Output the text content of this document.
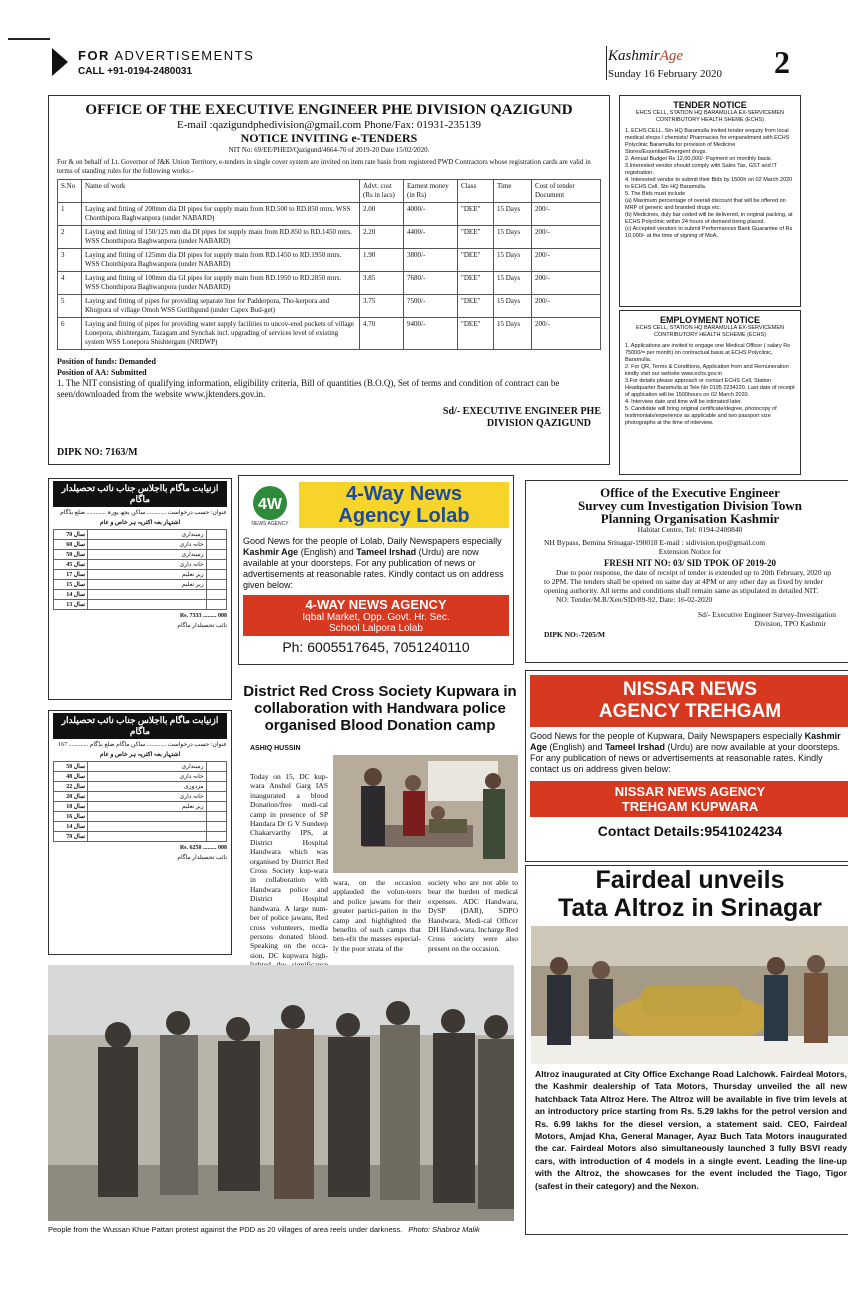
FOR ADVERTISEMENTS
CALL +91-0194-2480031
KashmirAge
Sunday 16 February 2020 2
OFFICE OF THE EXECUTIVE ENGINEER PHE DIVISION QAZIGUND
E-mail :qazigundphedivision@gmail.com Phone/Fax: 01931-235139
NOTICE INVITING e-TENDERS
NIT No: 69/EE/PHED/Qazigund/4664-76 of 2019-20 Date 15/02/2020.
For & on behalf of Lt. Governor of J&K Union Territory, e-tenders in single cover system are invited on item rate basis from registered PWD Contractors whose registration cards are valid in terms of standing rules for the following works:-
S.No	Name of work	Advt. cost (Rs in lacs)	Earnest money (in Rs)	Class	Time	Cost of tender Document
1	Laying and fitting of 200mm dia DI pipes for supply main from RD.500 to RD.850 mtrs. WSS Chonthipora Baghwanpora (under NABARD)	2.00	4000/-	"DEE"	15 Days	200/-
2	Laying and fitting of 150/125 mm dia DI pipes for supply main from RD.850 to RD.1450 mtrs. WSS Chonthipora Baghwanpora (under NABARD)	2.20	4400/-	"DEE"	15 Days	200/-
3	Laying and fitting of 125mm dia DI pipes for supply main from RD.1450 to RD.1950 mtrs. WSS Chonthipora Baghwanpora (under NABARD)	1.90	3800/-	"DEE"	15 Days	200/-
4	Laying and fitting of 100mm dia GI pipes for supply main from RD.1950 to RD.2850 mtrs. WSS Chonthipora Baghwanpora (under NABARD)	3.85	7680/-	"DEE"	15 Days	200/-
5	Laying and fitting of pipes for providing separate line for Padderpora, Tho-kerpora and Khujpora of village Omoh WSS Gutlibgund (under Capex Bud-get)	3.75	7500/-	"DEE"	15 Days	200/-
6	Laying and fitting of pipes for providing water supply facilities to uncov-ered pockets of village Lonepora, shishtergam, Tazagam and Synchak incl. upgrading of services level of existing system WSS Lonepora Shishtergam (NRDWP)	4.70	9400/-	"DEE"	15 Days	200/-
Position of funds: Demanded
Position of AA: Submitted
1. The NIT consisting of qualifying information, eligibility criteria, Bill of quantities (B.O.Q), Set of terms and condition of contract can be seen/downloaded from the website www.jktenders.gov.in.
Sd/- EXECUTIVE ENGINEER PHE
DIVISION QAZIGUND
DIPK NO: 7163/M
TENDER NOTICE
EHCS CELL, STATION HQ BARAMULLA EX-SERVICEMEN CONTRIBUTORY HEALTH SHEME (ECHS)
1. ECHS CELL, Stn HQ Baramulla invited tender enquiry from local medical shops / chemists/ Pharmacies for empanelment with ECHS Polyclinic Baramulla for provision of Medicine Stores/Essential/Emergent drugs.
2. Annual Budget Rs 12,00,000/- Payment on monthly basis.
3.Interested vendor should comply with Sales Tax, GST and IT registration.
4. Interested vendor to submit their Bids by 1500h on 02 March 2020 to ECHS Cell, Stn HQ Baramulla.
5. The Bids must include
(a) Maximum percentage of overall discount that will be offered on MRP of generic and branded drugs etc.
(b) Medicines, duly bar coded will be delivered, in original packing, at ECHS Polyclinic within 24 hours of demand being placed.
(c) Accepted vendors to submit Performances Bank Guarantee of Rs 10,000/- at the time of signing of MoA.
EMPLOYMENT NOTICE
ECHS CELL, STATION HQ BARAMULLA EX-SERVICEMEN CONTRIBUTORY HEALTH SCHEME (ECHS)
1. Applications are invited to engage one Medical Officer ( salary Rs 75000/= per month) on contractual basis at ECHS Polyclinic, Baramulla.
2. For QR, Terms & Conditions, Application from and Remuneration kindly visit our website www.echs.gov.in
3.For details please approach or contact ECHS Cell, Station Headquarter Baramulla at Tele No 0195 2234220. Last date of receipt of application will be 1500hours on 02 March 2020.
4. Interview date and time will be intimated later.
5. Candidate will bring original certificate/degree, photocopy of testimonials/experience as applicable and two passport size photographs at the time of interview.
ازنیابت ماگام بااجلاس جناب نائب تحصیلدار ماگام
عنوان: حسب درخواست ............. ساکن بچھ پورہ ............. ضلع بڈگام
اشتہار بعہ اکثریہ ہر خاص و عام
70 سال	زمینداری	
60 سال	خانہ داری	
50 سال	زمینداری	
45 سال	خانہ داری	
17 سال	زیر تعلیم	
15 سال	زیر تعلیم	
14 سال		
13 سال		
Rs. 7333 ......... 008
نائب تحصیلدار ماگام
ازنیابت ماگام بااجلاس جناب نائب تحصیلدار ماگام
عنوان: حسب درخواست ............. ساکن ماگام ضلع بڈگام ............. 167
اشتہار بعہ اکثریہ ہر خاص و عام
50 سال	زمینداری	
48 سال	خانہ داری	
22 سال	مزدوری	
20 سال	خانہ داری	
18 سال	زیر تعلیم	
16 سال		
14 سال		
70 سال		
Rs. 6250 ......... 008
نائب تحصیلدار ماگام
4W
NEWS AGENCY
4-Way News
Agency Lolab
Good News for the people of Lolab, Daily Newspapers especially Kashmir Age (English) and Tameel Irshad (Urdu) are now available at your doorsteps. For any publication of news or advertisements at reasonable rates. Kindly contact us on address given below:
4-WAY NEWS AGENCY
Iqbal Market, Opp. Govt. Hr. Sec.
School Lalpora Lolab
Ph: 6005517645, 7051240110
Office of the Executive Engineer
Survey cum Investigation Division Town
Planning Organisation Kashmir
Habitat Centre, Tel: 0194-2400840
NH Bypass, Bemina Srinagar-190018 E-mail : sidivision.tpo@gmail.com
Extension Notice for
FRESH NIT NO: 03/ SID TPOK OF 2019-20
Due to poor response, the date of receipt of tender is extended up to 20th February, 2020 up to 2PM. The tenders shall be opened on same day at 4PM or any other day as fixed by tender opening authority. All terms and conditions shall remain same as stipulated in detailed NIT.
NO: Tender/M.R/Xen/SID/89-92, Date: 16-02-2020
Sd/- Executive Engineer Survey-Investigation
Division, TPO Kashmir
DIPK NO:-7205/M
NISSAR NEWS
AGENCY TREHGAM
Good News for the people of Kupwara, Daily Newspapers especially Kashmir Age (English) and Tameel Irshad (Urdu) are now available at your doorsteps. For any publication of news or advertisements at reasonable rates. Kindly contact us on address given below:
NISSAR NEWS AGENCY
TREHGAM KUPWARA
Contact Details:9541024234
District Red Cross Society Kupwara in collaboration with Handwara police organised Blood Donation camp
ASHIQ HUSSIN
Today on 15, DC kup-wara Anshul Garg IAS inaugurated a blood Donation/free medi-cal camp in presence of SP Handara Dr G V Sundeep Chakarvarthy IPS, at District Hospital Handwara which was organised by District Red Cross Society kup-wara in collaboration with Handwara police and District Hospital handwara. A large num-ber of police jawans, Red cross volunteers, media persons donated blood. Speaking on the occa-sion, DC kupwara high-
wara, on the occasion applauded the volun-teers and police jawans for their greater partici-pation in the camp and highlighted the benefits of such camps that ben-efit the masses especial-ly the poor strata of the
society who are not able to bear the burden of medical expenses. ADC Handwara, DySP (DAR), SDPO Handwara, Medi-cal Officer DH Hand-wara, Incharge Red Cross society were also present on the occasion.
Fairdeal unveils
Tata Altroz in Srinagar
Altroz inaugurated at City Office Exchange Road Lalchowk. Fairdeal Motors, the Kashmir dealership of Tata Motors, Thursday unveiled the all new hatchback Tata Altroz Here. The Altroz will be available in five trim levels at an introductory price starting from Rs. 5.29 lakhs for the petrol version and Rs. 6.99 lakhs for the diesel version, a statement said. CEO, Fairdeal Motors, Amjad Kha, General Manager, Ayaz Buch Tata Motors inaugurated the car. Fairdeal Motors also simultaneously launched 3 fully BSVI ready cars, with introduction of 4 models in a single event. Leading the line-up with the Altroz, the showcases for the event included the Tiago, Tigor (safest in their category) and the Nexon.
People from the Wussan Khue Pattan protest against the PDD as 20 villages of area reels under darkness. Photo: Shabroz Malik
